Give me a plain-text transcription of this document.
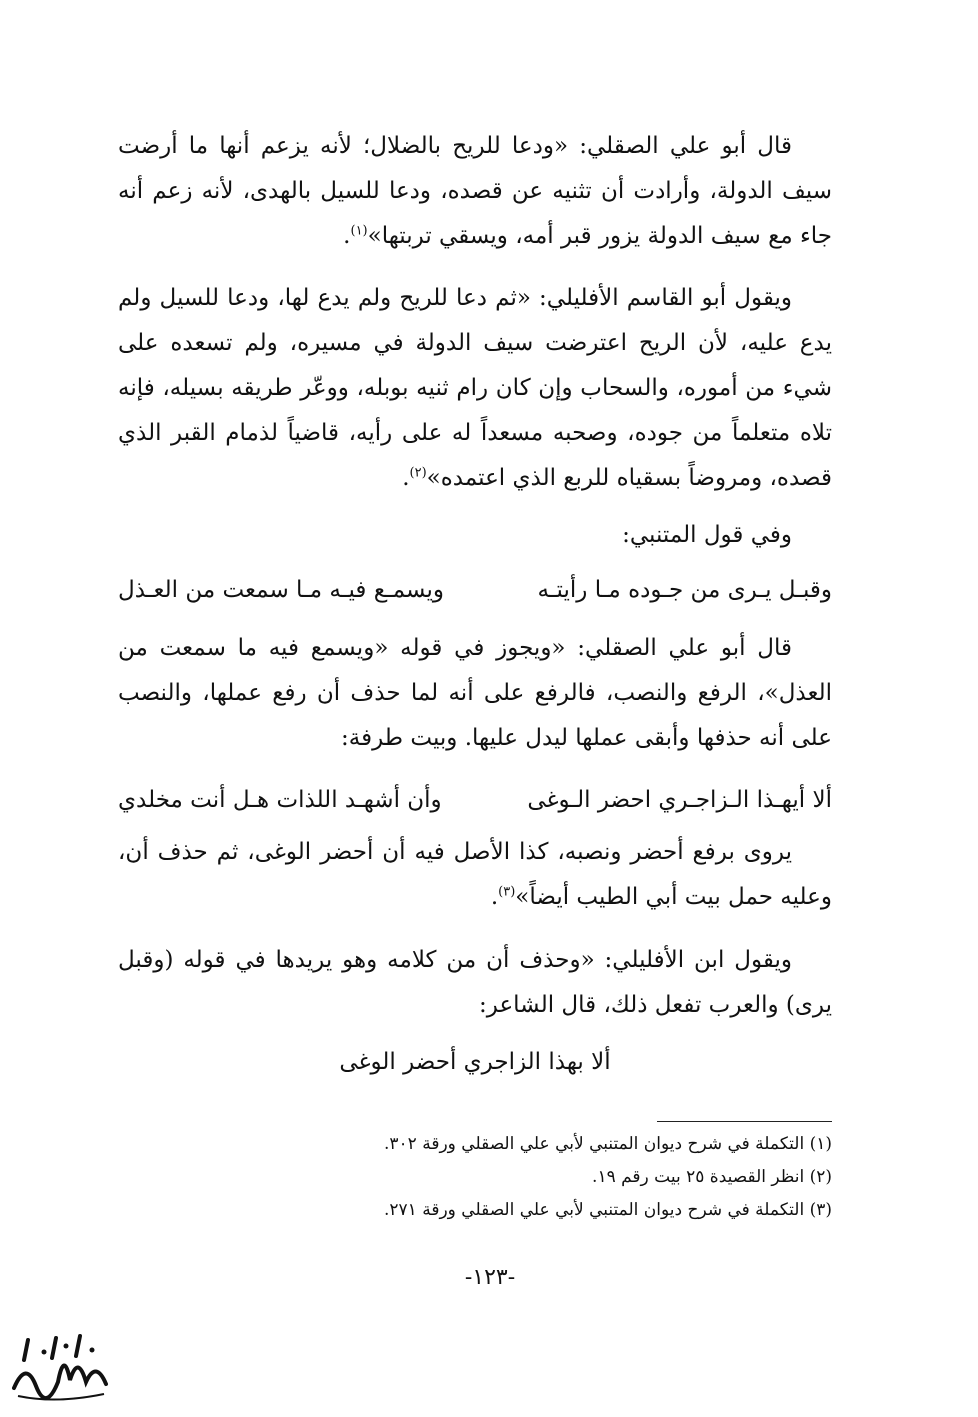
قال أبو علي الصقلي: «ودعا للريح بالضلال؛ لأنه يزعم أنها ما أرضت سيف الدولة، وأرادت أن تثنيه عن قصده، ودعا للسيل بالهدى، لأنه زعم أنه جاء مع سيف الدولة يزور قبر أمه، ويسقي تربتها»$^{(١)}$.

ويقول أبو القاسم الأفليلي: «ثم دعا للريح ولم يدع لها، ودعا للسيل ولم يدع عليه، لأن الريح اعترضت سيف الدولة في مسيره، ولم تسعده على شيء من أموره، والسحاب وإن كان رام ثنيه بوبله، ووعّر طريقه بسيله، فإنه تلاه متعلماً من جوده، وصحبه مسعداً له على رأيه، قاضياً لذمام القبر الذي قصده، ومروضاً بسقياه للربع الذي اعتمده»$^{(٢)}$.

وفي قول المتنبي:

وقبـل يـرى من جـوده مـا رأيتـه
ويسمـع فيـه مـا سمعت من العـذل

قال أبو علي الصقلي: «ويجوز في قوله «ويسمع فيه ما سمعت من العذل»، الرفع والنصب، فالرفع على أنه لما حذف أن رفع عملها، والنصب على أنه حذفها وأبقى عملها ليدل عليها. وبيت طرفة:

ألا أيهـذا الـزاجـري احضر الـوغى
وأن أشهـد اللذات هـل أنت مخلدي

يروى برفع أحضر ونصبه، كذا الأصل فيه أن أحضر الوغى، ثم حذف أن، وعليه حمل بيت أبي الطيب أيضاً»$^{(٣)}$.

ويقول ابن الأفليلي: «وحذف أن من كلامه وهو يريدها في قوله (وقبل يرى) والعرب تفعل ذلك، قال الشاعر:

ألا بهذا الزاجري أحضر الوغى

(١) التكملة في شرح ديوان المتنبي لأبي علي الصقلي ورقة ٣٠٢.

(٢) انظر القصيدة ٢٥ بيت رقم ١٩.

(٣) التكملة في شرح ديوان المتنبي لأبي علي الصقلي ورقة ٢٧١.

-١٢٣-
